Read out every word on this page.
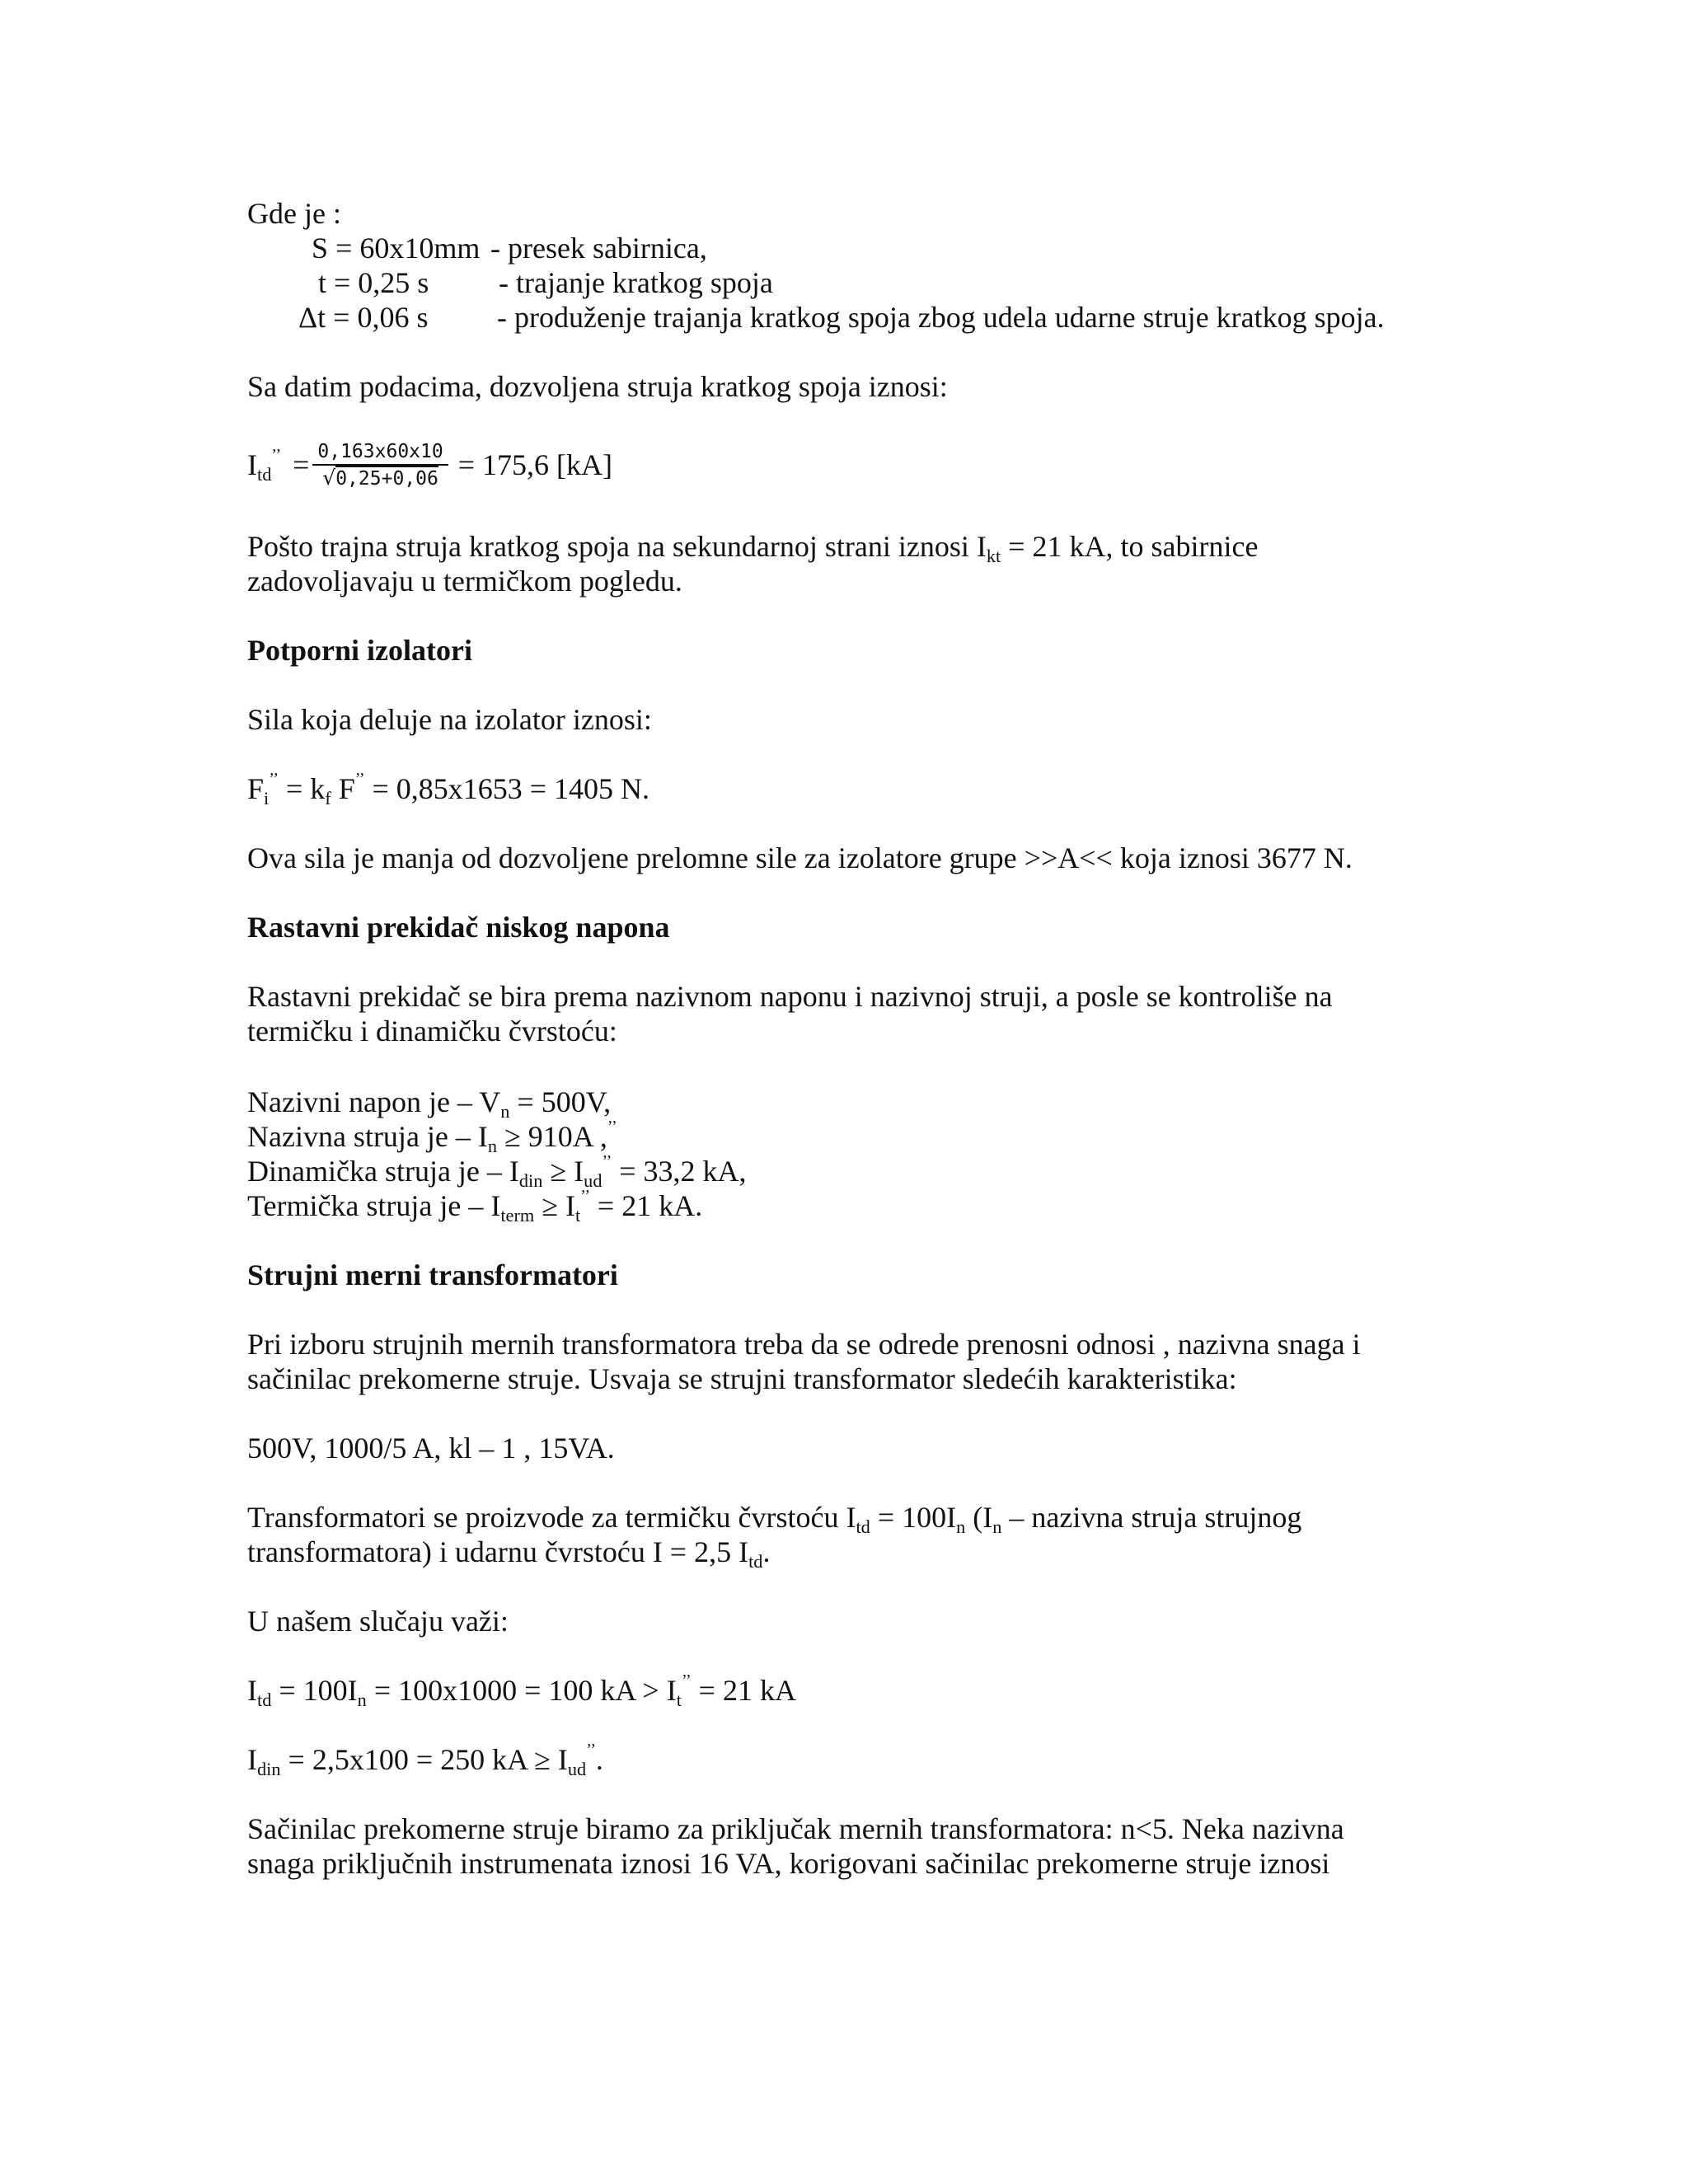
Gde je :
S = 60x10mm - presek sabirnica,
t = 0,25 s - trajanje kratkog spoja
Δt = 0,06 s - produženje trajanja kratkog spoja zbog udela udarne struje kratkog spoja.
Sa datim podacima, dozvoljena struja kratkog spoja iznosi:
$I_{td}^{’’} = \frac{0,163x60x10}{√0,25+0,06} = 175,6$ [kA]
Pošto trajna struja kratkog spoja na sekundarnoj strani iznosi $I_{kt} = 21$ kA, to sabirnice
zadovoljavaju u termičkom pogledu.
Potporni izolatori
Sila koja deluje na izolator iznosi:
$F_i^{’’} = k_f$ F’’ = 0,85x1653 = 1405 N.
Ova sila je manja od dozvoljene prelomne sile za izolatore grupe >>A<< koja iznosi 3677 N.
Rastavni prekidač niskog napona
Rastavni prekidač se bira prema nazivnom naponu i nazivnoj struji, a posle se kontroliše na
termičku i dinamičku čvrstoću:
Nazivni napon je – $V_n = 500V$,
Nazivna struja je – $I_n \ge 910A$ ,’’
Dinamička struja je – $I_{din} \ge I_{ud}^{’’} = 33,2$ kA,
Termička struja je – $I_{term} \ge I_t^{’’} = 21$ kA.
Strujni merni transformatori
Pri izboru strujnih mernih transformatora treba da se odrede prenosni odnosi , nazivna snaga i
sačinilac prekomerne struje. Usvaja se strujni transformator sledećih karakteristika:
500V, 1000/5 A, kl – 1 , 15VA.
Transformatori se proizvode za termičku čvrstoću $I_{td} = 100I_n$ ($I_n$ – nazivna struja strujnog
transformatora) i udarnu čvrstoću I = 2,5 $I_{td}$.
U našem slučaju važi:
$I_{td} = 100I_n = 100x1000 = 100$ kA > $I_t^{’’} = 21$ kA
$I_{din} = 2,5x100 = 250$ kA ≥ $I_{ud}^{’’}$.
Sačinilac prekomerne struje biramo za priključak mernih transformatora: n<5. Neka nazivna
snaga priključnih instrumenata iznosi 16 VA, korigovani sačinilac prekomerne struje iznosi
